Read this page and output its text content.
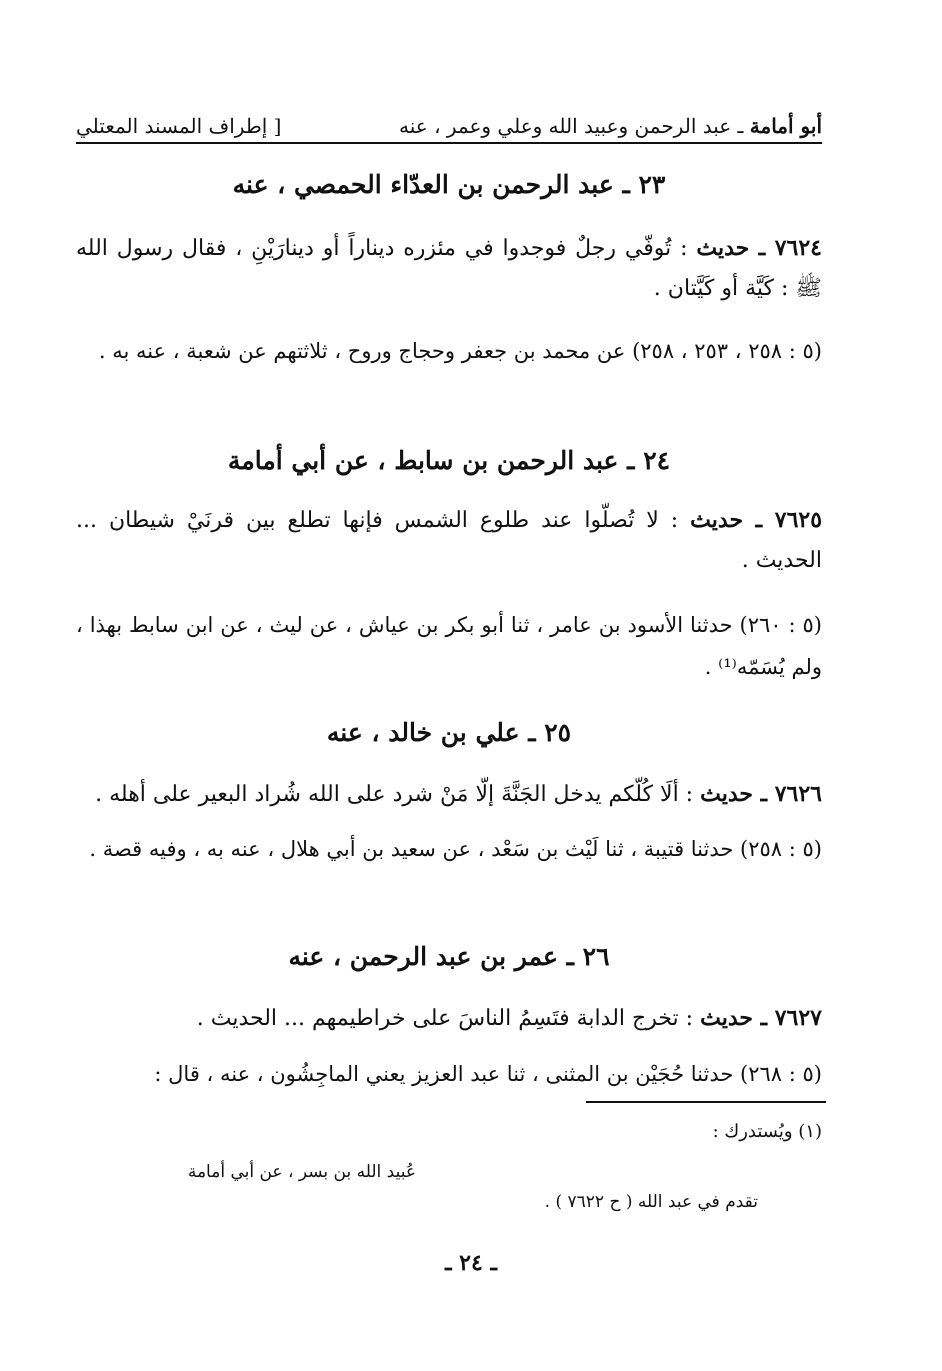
أبو أمامة ـ عبد الرحمن وعبيد الله وعلي وعمر ، عنه
[ إطراف المسند المعتلي
٢٣ ـ عبد الرحمن بن العدّاء الحمصي ، عنه
٧٦٢٤ ـ حديث : تُوفّي رجلٌ فوجدوا في مئزره ديناراً أو دينارَيْنِ ، فقال رسول الله ﷺ : كَيَّة أو كَيَّتان .
(٥ : ٢٥٨ ، ٢٥٣ ، ٢٥٨) عن محمد بن جعفر وحجاج وروح ، ثلاثتهم عن شعبة ، عنه به .
٢٤ ـ عبد الرحمن بن سابط ، عن أبي أمامة
٧٦٢٥ ـ حديث : لا تُصلّوا عند طلوع الشمس فإنها تطلع بين قرنَيْ شيطان ... الحديث .
(٥ : ٢٦٠) حدثنا الأسود بن عامر ، ثنا أبو بكر بن عياش ، عن ليث ، عن ابن سابط بهذا ، ولم يُسَمّه⁽¹⁾ .
٢٥ ـ علي بن خالد ، عنه
٧٦٢٦ ـ حديث : ألَا كُلّكم يدخل الجَنَّةَ إلّا مَنْ شرد على الله شُراد البعير على أهله .
(٥ : ٢٥٨) حدثنا قتيبة ، ثنا لَيْث بن سَعْد ، عن سعيد بن أبي هلال ، عنه به ، وفيه قصة .
٢٦ ـ عمر بن عبد الرحمن ، عنه
٧٦٢٧ ـ حديث : تخرج الدابة فتَسِمُ الناسَ على خراطيمهم ... الحديث .
(٥ : ٢٦٨) حدثنا حُجَيْن بن المثنى ، ثنا عبد العزيز يعني الماجِشُون ، عنه ، قال :
(١) ويُستدرك :
عُبيد الله بن بسر ، عن أبي أمامة
تقدم في عبد الله ( ح ٧٦٢٢ ) .
ـ ٢٤ ـ
